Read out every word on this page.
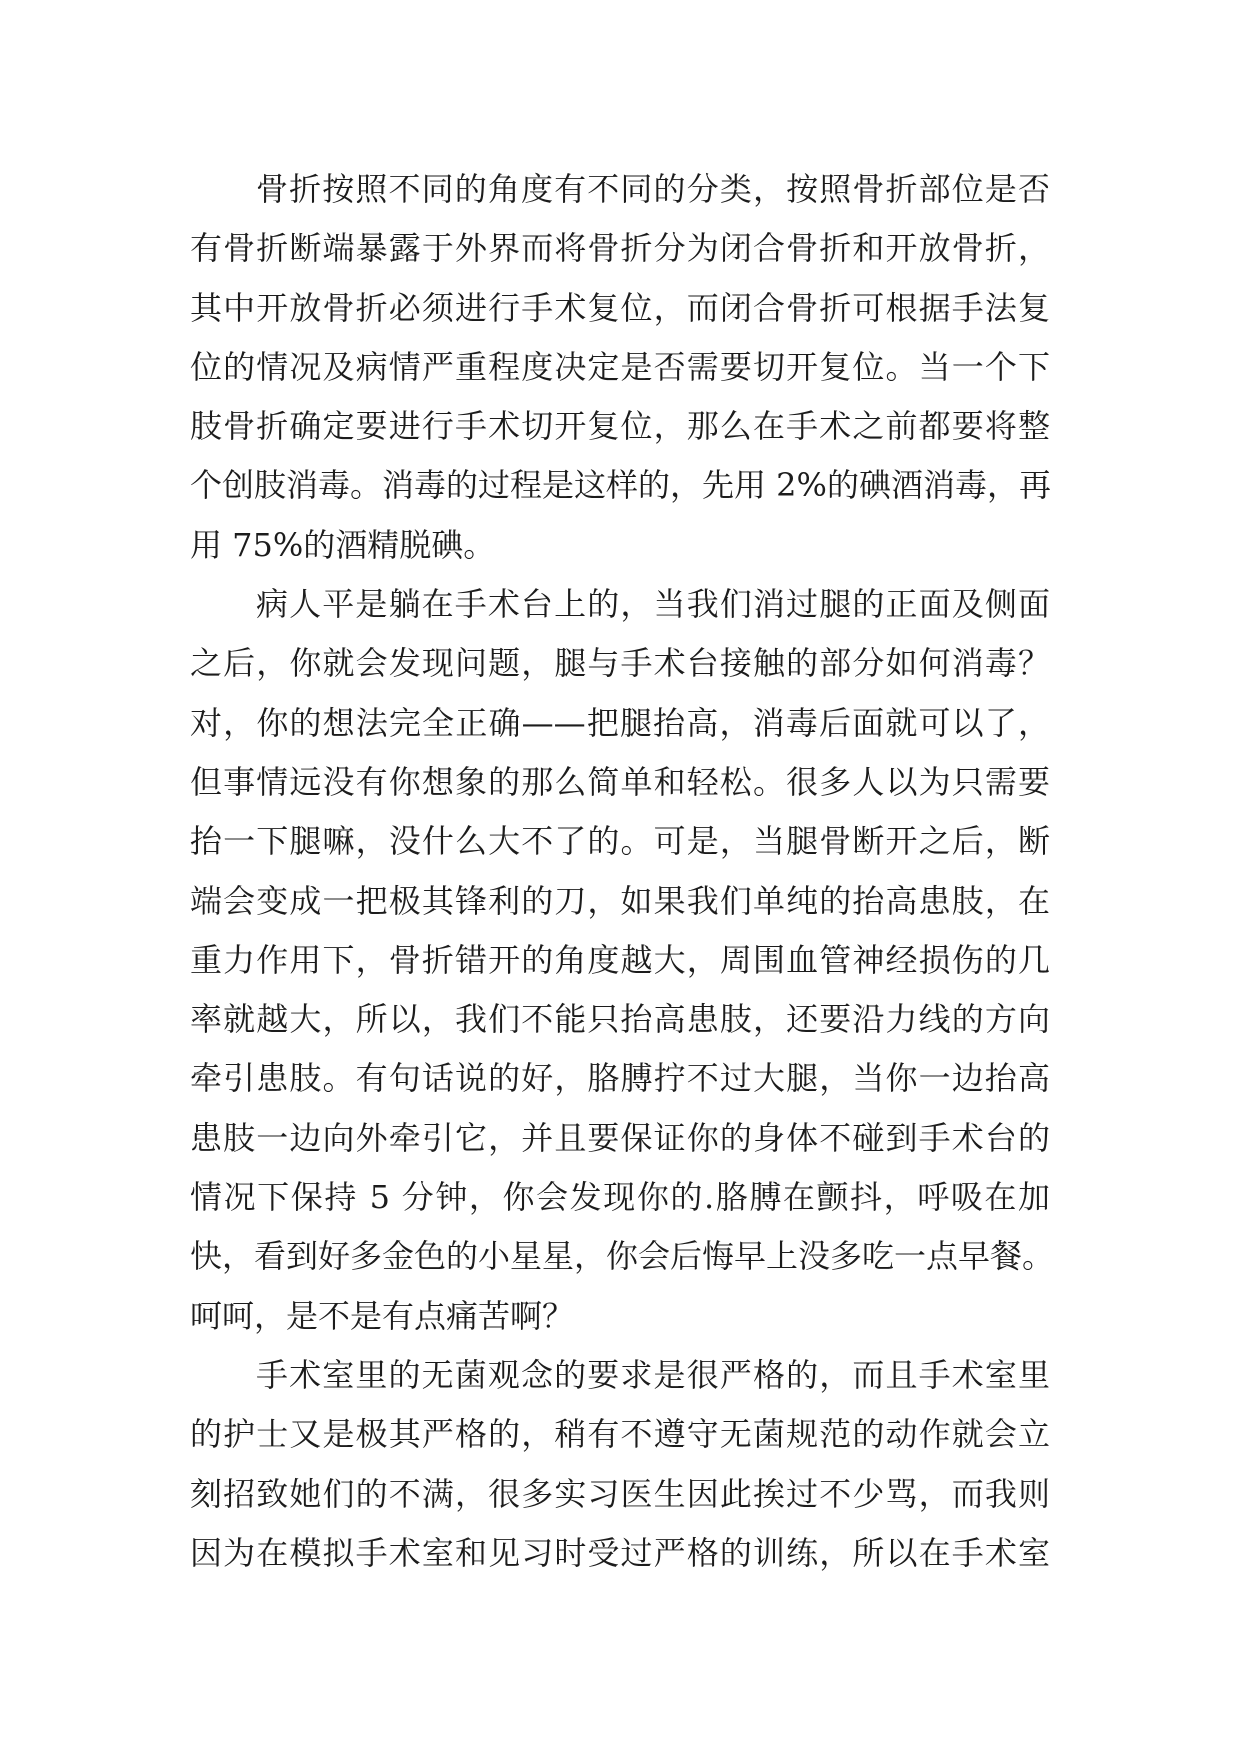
骨折按照不同的角度有不同的分类，按照骨折部位是否
有骨折断端暴露于外界而将骨折分为闭合骨折和开放骨折，
其中开放骨折必须进行手术复位，而闭合骨折可根据手法复
位的情况及病情严重程度决定是否需要切开复位。当一个下
肢骨折确定要进行手术切开复位，那么在手术之前都要将整
个创肢消毒。消毒的过程是这样的，先用 2%的碘酒消毒，再
用 75%的酒精脱碘。
病人平是躺在手术台上的，当我们消过腿的正面及侧面
之后，你就会发现问题，腿与手术台接触的部分如何消毒？
对，你的想法完全正确——把腿抬高，消毒后面就可以了，
但事情远没有你想象的那么简单和轻松。很多人以为只需要
抬一下腿嘛，没什么大不了的。可是，当腿骨断开之后，断
端会变成一把极其锋利的刀，如果我们单纯的抬高患肢，在
重力作用下，骨折错开的角度越大，周围血管神经损伤的几
率就越大，所以，我们不能只抬高患肢，还要沿力线的方向
牵引患肢。有句话说的好，胳膊拧不过大腿，当你一边抬高
患肢一边向外牵引它，并且要保证你的身体不碰到手术台的
情况下保持 5 分钟，你会发现你的.胳膊在颤抖，呼吸在加
快，看到好多金色的小星星，你会后悔早上没多吃一点早餐。
呵呵，是不是有点痛苦啊？
手术室里的无菌观念的要求是很严格的，而且手术室里
的护士又是极其严格的，稍有不遵守无菌规范的动作就会立
刻招致她们的不满，很多实习医生因此挨过不少骂，而我则
因为在模拟手术室和见习时受过严格的训练，所以在手术室
